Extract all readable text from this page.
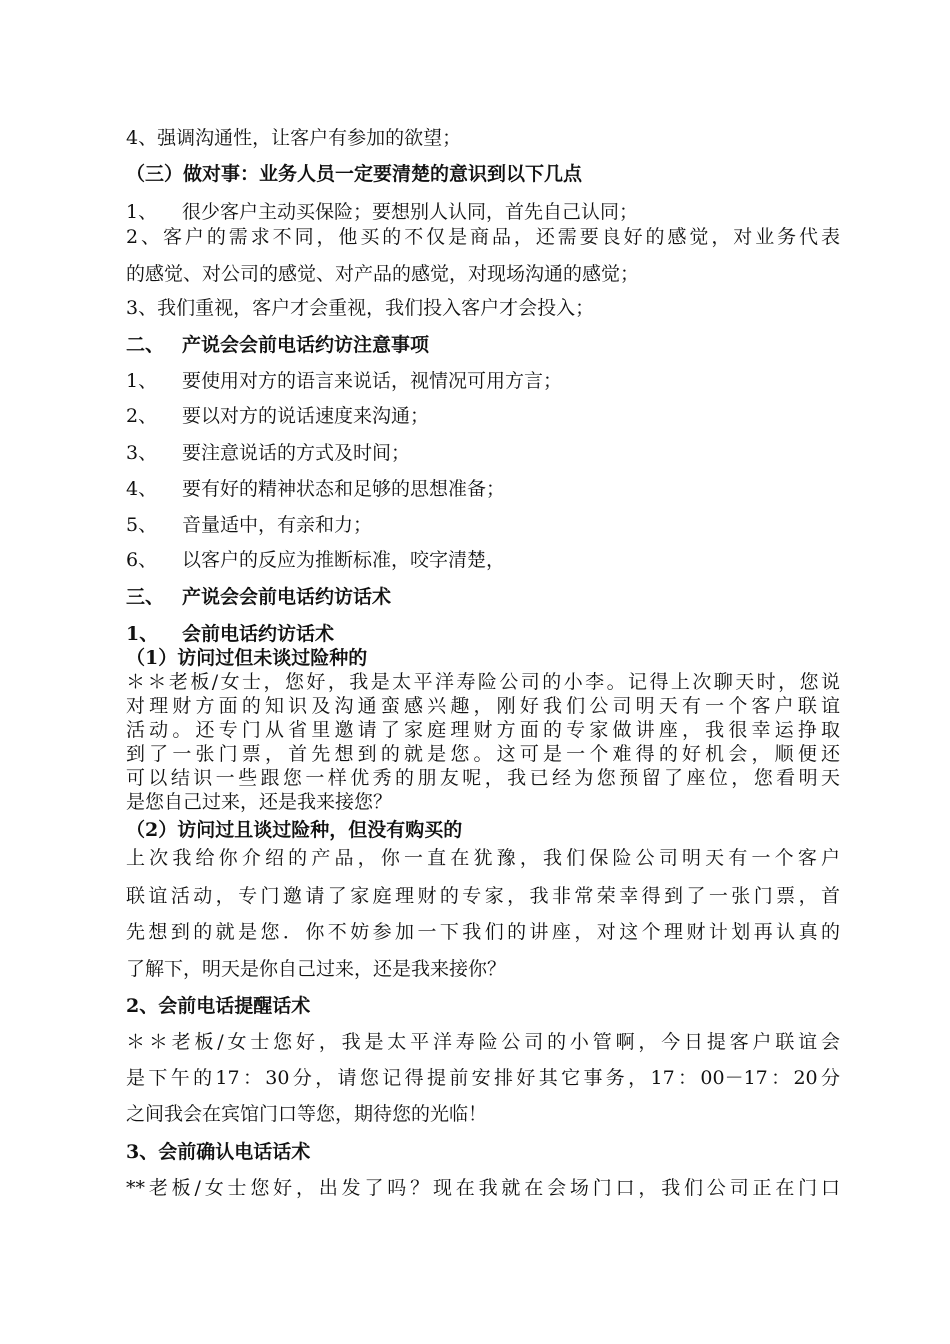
4、强调沟通性，让客户有参加的欲望；
（三）做对事：业务人员一定要清楚的意识到以下几点
1、 很少客户主动买保险；要想别人认同，首先自己认同；
2、客户的需求不同，他买的不仅是商品，还需要良好的感觉，对业务代表
的感觉、对公司的感觉、对产品的感觉，对现场沟通的感觉；
3、我们重视，客户才会重视，我们投入客户才会投入；
二、 产说会会前电话约访注意事项
1、 要使用对方的语言来说话，视情况可用方言；
2、 要以对方的说话速度来沟通；
3、 要注意说话的方式及时间；
4、 要有好的精神状态和足够的思想准备；
5、 音量适中，有亲和力；
6、 以客户的反应为推断标准，咬字清楚，
三、 产说会会前电话约访话术
1、 会前电话约访话术
（1）访问过但未谈过险种的
＊＊老板/女士，您好，我是太平洋寿险公司的小李。记得上次聊天时，您说
对理财方面的知识及沟通蛮感兴趣，刚好我们公司明天有一个客户联谊
活动。还专门从省里邀请了家庭理财方面的专家做讲座，我很幸运挣取
到了一张门票，首先想到的就是您。这可是一个难得的好机会，顺便还
可以结识一些跟您一样优秀的朋友呢，我已经为您预留了座位，您看明天
是您自己过来，还是我来接您？
（2）访问过且谈过险种，但没有购买的
上次我给你介绍的产品，你一直在犹豫，我们保险公司明天有一个客户
联谊活动，专门邀请了家庭理财的专家，我非常荣幸得到了一张门票，首
先想到的就是您．你不妨参加一下我们的讲座，对这个理财计划再认真的
了解下，明天是你自己过来，还是我来接你？
2、会前电话提醒话术
＊＊老板/女士您好，我是太平洋寿险公司的小管啊，今日提客户联谊会
是下午的17：30分，请您记得提前安排好其它事务，17：00－17：20分
之间我会在宾馆门口等您，期待您的光临！
3、会前确认电话话术
**老板/女士您好，出发了吗？现在我就在会场门口，我们公司正在门口
